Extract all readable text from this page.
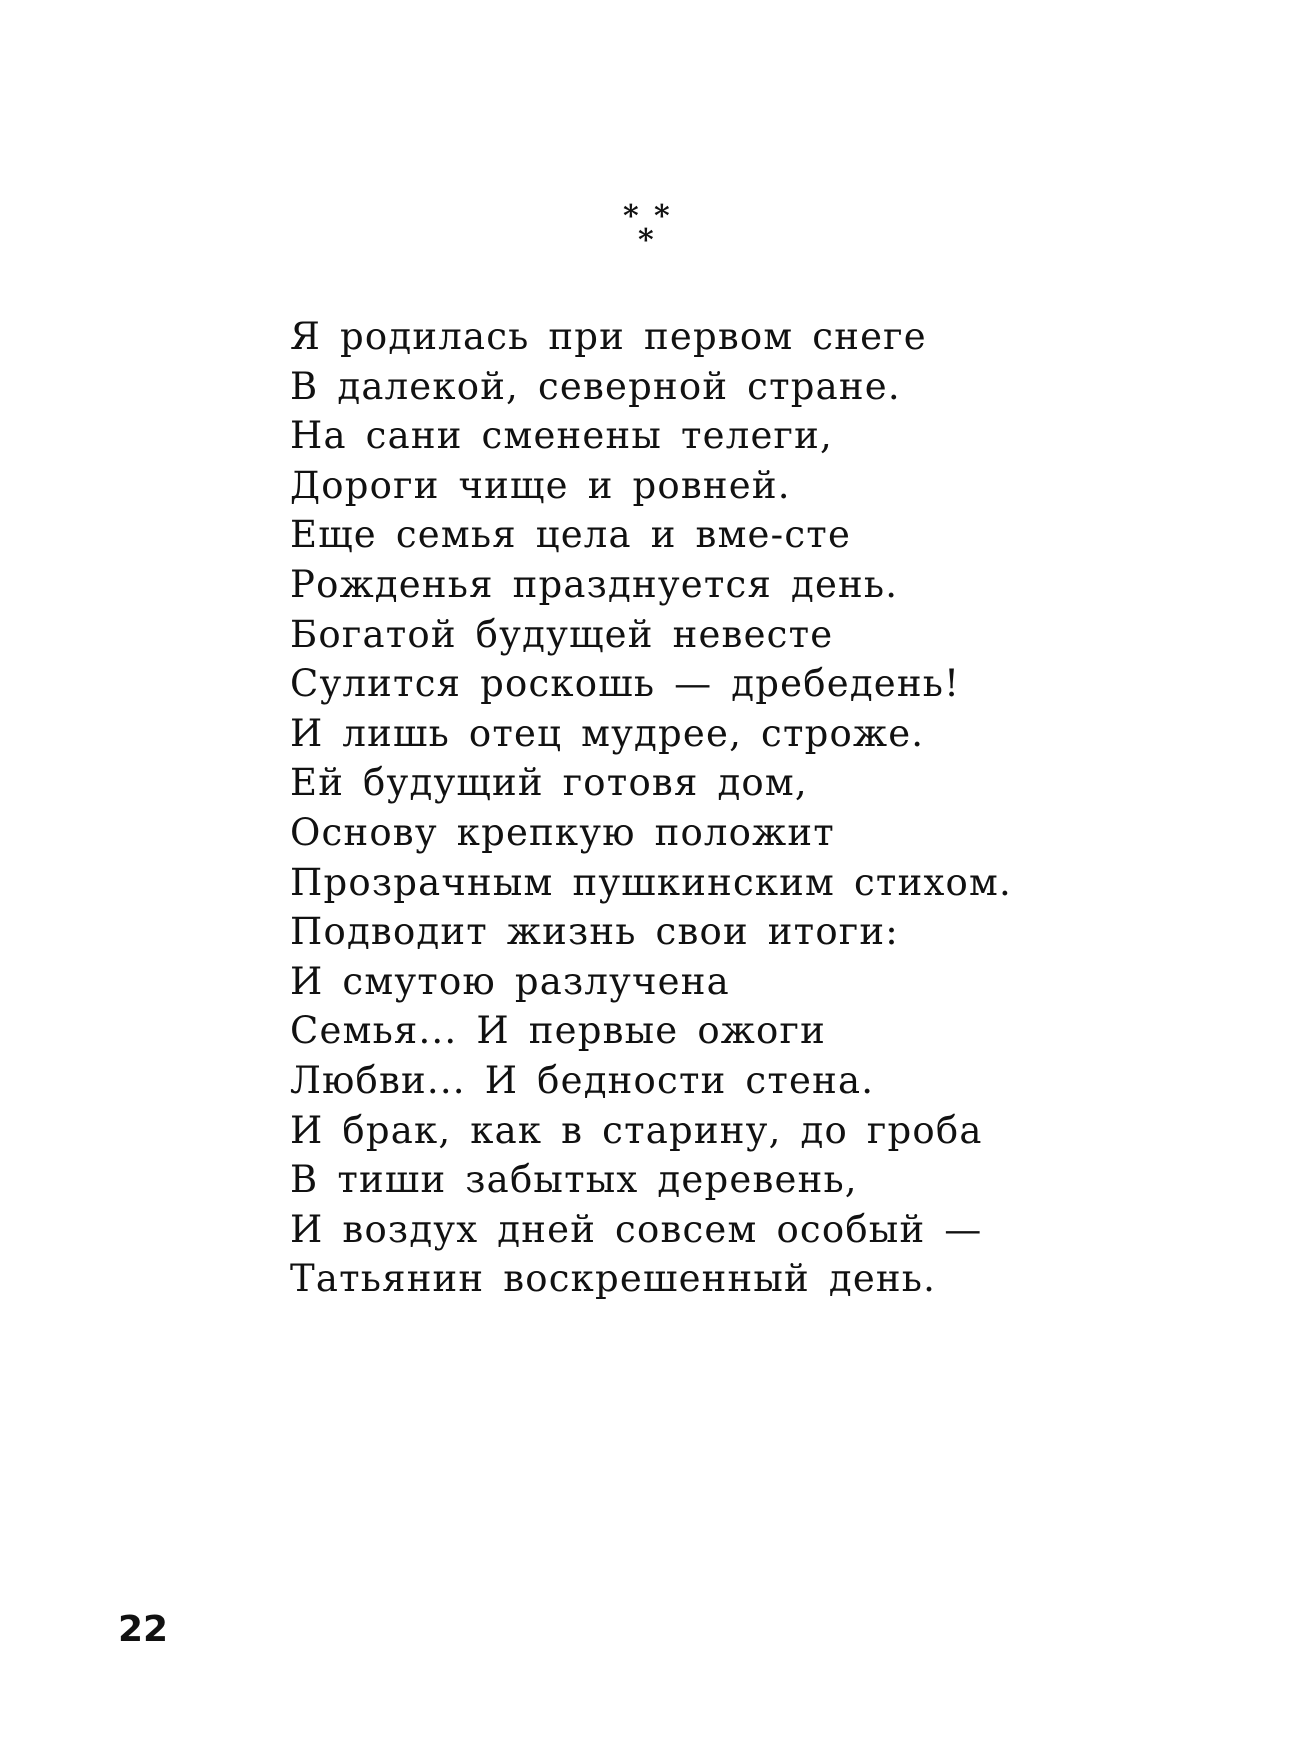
* *
*
Я родилась при первом снеге
В далекой, северной стране.
На сани сменены телеги,
Дороги чище и ровней.
Еще семья цела и вме-сте
Рожденья празднуется день.
Богатой будущей невесте
Сулится роскошь — дребедень!
И лишь отец мудрее, строже.
Ей будущий готовя дом,
Основу крепкую положит
Прозрачным пушкинским стихом.
Подводит жизнь свои итоги:
И смутою разлучена
Семья... И первые ожоги
Любви... И бедности стена.
И брак, как в старину, до гроба
В тиши забытых деревень,
И воздух дней совсем особый —
Татьянин воскрешенный день.
22
